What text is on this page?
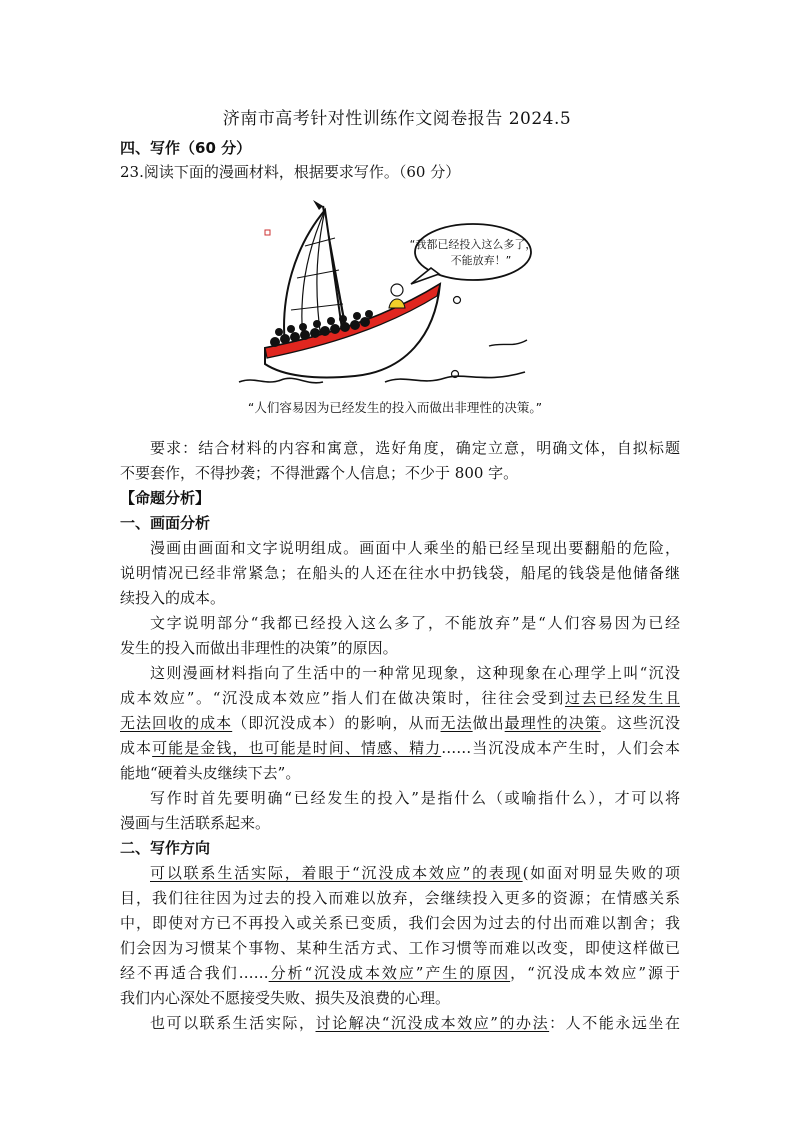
济南市高考针对性训练作文阅卷报告 2024.5
四、写作（60 分）
23.阅读下面的漫画材料，根据要求写作。（60 分）
“我都已经投入这么多了，
不能放弃！”
“人们容易因为已经发生的投入而做出非理性的决策。”
要求：结合材料的内容和寓意，选好角度，确定立意，明确文体，自拟标题
不要套作，不得抄袭；不得泄露个人信息；不少于 800 字。
【命题分析】
一、画面分析
漫画由画面和文字说明组成。画面中人乘坐的船已经呈现出要翻船的危险，
说明情况已经非常紧急；在船头的人还在往水中扔钱袋，船尾的钱袋是他储备继
续投入的成本。
文字说明部分“我都已经投入这么多了，不能放弃”是“人们容易因为已经
发生的投入而做出非理性的决策”的原因。
这则漫画材料指向了生活中的一种常见现象，这种现象在心理学上叫“沉没
成本效应”。“沉没成本效应”指人们在做决策时，往往会受到过去已经发生且
无法回收的成本（即沉没成本）的影响，从而无法做出最理性的决策。这些沉没
成本可能是金钱，也可能是时间、情感、精力……当沉没成本产生时，人们会本
能地“硬着头皮继续下去”。
写作时首先要明确“已经发生的投入”是指什么（或喻指什么），才可以将
漫画与生活联系起来。
二、写作方向
可以联系生活实际，着眼于“沉没成本效应”的表现(如面对明显失败的项
目，我们往往因为过去的投入而难以放弃，会继续投入更多的资源；在情感关系
中，即使对方已不再投入或关系已变质，我们会因为过去的付出而难以割舍；我
们会因为习惯某个事物、某种生活方式、工作习惯等而难以改变，即使这样做已
经不再适合我们……分析“沉没成本效应”产生的原因，“沉没成本效应”源于
我们内心深处不愿接受失败、损失及浪费的心理。
也可以联系生活实际，讨论解决“沉没成本效应”的办法：人不能永远坐在
